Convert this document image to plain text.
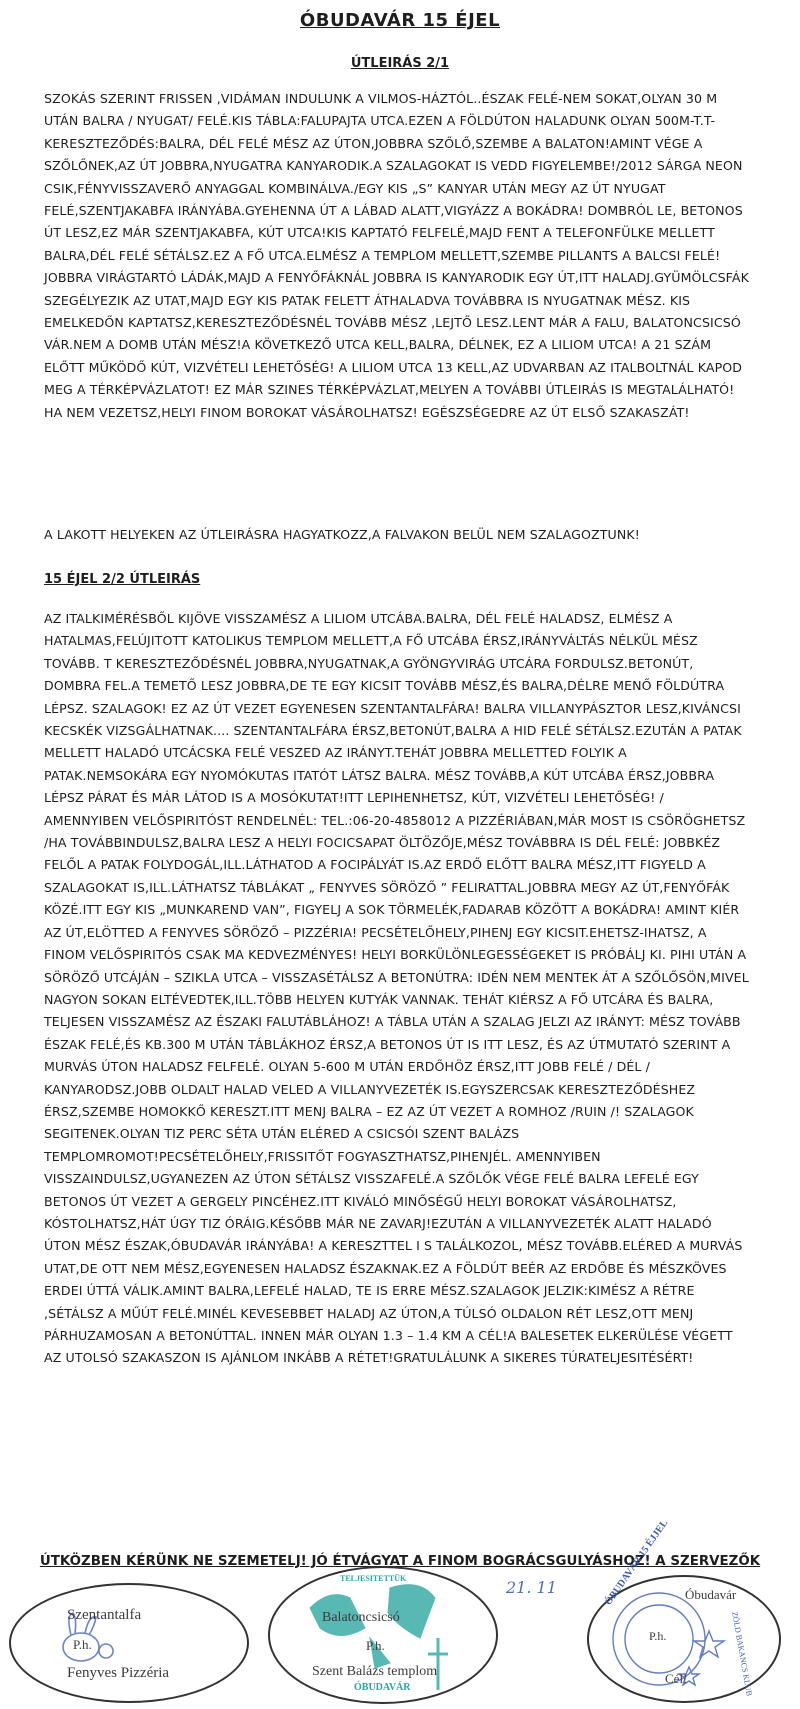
ÓBUDAVÁR 15 ÉJEL
ÚTLEIRÁS 2/1
SZOKÁS SZERINT FRISSEN ,VIDÁMAN INDULUNK A VILMOS-HÁZTÓL..ÉSZAK FELÉ-NEM SOKAT,OLYAN 30 M UTÁN BALRA / NYUGAT/ FELÉ.KIS TÁBLA:FALUPAJTA UTCA.EZEN A FÖLDÚTON HALADUNK OLYAN 500M-T.T-KERESZTEZŐDÉS:BALRA, DÉL FELÉ MÉSZ AZ ÚTON,JOBBRA SZŐLŐ,SZEMBE A BALATON!AMINT VÉGE A SZŐLŐNEK,AZ ÚT JOBBRA,NYUGATRA KANYARODIK.A SZALAGOKAT IS VEDD FIGYELEMBE!/2012 SÁRGA NEON CSIK,FÉNYVISSZAVERŐ ANYAGGAL KOMBINÁLVA./EGY KIS „S” KANYAR UTÁN MEGY AZ ÚT NYUGAT FELÉ,SZENTJAKABFA IRÁNYÁBA.GYEHENNA ÚT A LÁBAD ALATT,VIGYÁZZ A BOKÁDRA! DOMBRÓL LE, BETONOS ÚT LESZ,EZ MÁR SZENTJAKABFA, KÚT UTCA!KIS KAPTATÓ FELFELÉ,MAJD FENT A TELEFONFÜLKE MELLETT BALRA,DÉL FELÉ SÉTÁLSZ.EZ A FŐ UTCA.ELMÉSZ A TEMPLOM MELLETT,SZEMBE PILLANTS A BALCSI FELÉ! JOBBRA VIRÁGTARTÓ LÁDÁK,MAJD A FENYŐFÁKNÁL JOBBRA IS KANYARODIK EGY ÚT,ITT HALADJ.GYÜMÖLCSFÁK SZEGÉLYEZIK AZ UTAT,MAJD EGY KIS PATAK FELETT ÁTHALADVA TOVÁBBRA IS NYUGATNAK MÉSZ. KIS EMELKEDŐN KAPTATSZ,KERESZTEZŐDÉSNÉL TOVÁBB MÉSZ ,LEJTŐ LESZ.LENT MÁR A FALU, BALATONCSICSÓ VÁR.NEM A DOMB UTÁN MÉSZ!A KÖVETKEZŐ UTCA KELL,BALRA, DÉLNEK, EZ A LILIOM UTCA! A 21 SZÁM ELŐTT MŰKÖDŐ KÚT, VIZVÉTELI LEHETŐSÉG! A LILIOM UTCA 13 KELL,AZ UDVARBAN AZ ITALBOLTNÁL KAPOD MEG A TÉRKÉPVÁZLATOT! EZ MÁR SZINES TÉRKÉPVÁZLAT,MELYEN A TOVÁBBI ÚTLEIRÁS IS MEGTALÁLHATÓ! HA NEM VEZETSZ,HELYI FINOM BOROKAT VÁSÁROLHATSZ! EGÉSZSÉGEDRE AZ ÚT ELSŐ SZAKASZÁT!
A LAKOTT HELYEKEN AZ ÚTLEIRÁSRA HAGYATKOZZ,A FALVAKON BELÜL NEM SZALAGOZTUNK!
15 ÉJEL 2/2 ÚTLEIRÁS
AZ ITALKIMÉRÉSBŐL KIJÖVE VISSZAMÉSZ A LILIOM UTCÁBA.BALRA, DÉL FELÉ HALADSZ, ELMÉSZ A HATALMAS,FELÚJITOTT KATOLIKUS TEMPLOM MELLETT,A FŐ UTCÁBA ÉRSZ,IRÁNYVÁLTÁS NÉLKÜL MÉSZ TOVÁBB. T KERESZTEZŐDÉSNÉL JOBBRA,NYUGATNAK,A GYÖNGYVIRÁG UTCÁRA FORDULSZ.BETONÚT, DOMBRA FEL.A TEMETŐ LESZ JOBBRA,DE TE EGY KICSIT TOVÁBB MÉSZ,ÉS BALRA,DÉLRE MENŐ FÖLDÚTRA LÉPSZ. SZALAGOK! EZ AZ ÚT VEZET EGYENESEN SZENTANTALFÁRA! BALRA VILLANYPÁSZTOR LESZ,KIVÁNCSI KECSKÉK VIZSGÁLHATNAK.... SZENTANTALFÁRA ÉRSZ,BETONÚT,BALRA A HID FELÉ SÉTÁLSZ.EZUTÁN A PATAK MELLETT HALADÓ UTCÁCSKA FELÉ VESZED AZ IRÁNYT.TEHÁT JOBBRA MELLETTED FOLYIK A PATAK.NEMSOKÁRA EGY NYOMÓKUTAS ITATÓT LÁTSZ BALRA. MÉSZ TOVÁBB,A KÚT UTCÁBA ÉRSZ,JOBBRA LÉPSZ PÁRAT ÉS MÁR LÁTOD IS A MOSÓKUTAT!ITT LEPIHENHETSZ, KÚT, VIZVÉTELI LEHETŐSÉG! / AMENNYIBEN VELŐSPIRITÓST RENDELNÉL: TEL.:06-20-4858012 A PIZZÉRIÁBAN,MÁR MOST IS CSÖRÖGHETSZ /HA TOVÁBBINDULSZ,BALRA LESZ A HELYI FOCICSAPAT ÖLTÖZŐJE,MÉSZ TOVÁBBRA IS DÉL FELÉ: JOBBKÉZ FELŐL A PATAK FOLYDOGÁL,ILL.LÁTHATOD A FOCIPÁLYÁT IS.AZ ERDŐ ELŐTT BALRA MÉSZ,ITT FIGYELD A SZALAGOKAT IS,ILL.LÁTHATSZ TÁBLÁKAT „ FENYVES SÖRÖZŐ ” FELIRATTAL.JOBBRA MEGY AZ ÚT,FENYŐFÁK KÖZÉ.ITT EGY KIS „MUNKAREND VAN”, FIGYELJ A SOK TÖRMELÉK,FADARAB KÖZÖTT A BOKÁDRA! AMINT KIÉR AZ ÚT,ELÖTTED A FENYVES SÖRÖZŐ – PIZZÉRIA! PECSÉTELŐHELY,PIHENJ EGY KICSIT.EHETSZ-IHATSZ, A FINOM VELŐSPIRITÓS CSAK MA KEDVEZMÉNYES! HELYI BORKÜLÖNLEGESSÉGEKET IS PRÓBÁLJ KI. PIHI UTÁN A SÖRÖZŐ UTCÁJÁN – SZIKLA UTCA – VISSZASÉTÁLSZ A BETONÚTRA: IDÉN NEM MENTEK ÁT A SZŐLŐSÖN,MIVEL NAGYON SOKAN ELTÉVEDTEK,ILL.TÖBB HELYEN KUTYÁK VANNAK. TEHÁT KIÉRSZ A FŐ UTCÁRA ÉS BALRA, TELJESEN VISSZAMÉSZ AZ ÉSZAKI FALUTÁBLÁHOZ! A TÁBLA UTÁN A SZALAG JELZI AZ IRÁNYT: MÉSZ TOVÁBB ÉSZAK FELÉ,ÉS KB.300 M UTÁN TÁBLÁKHOZ ÉRSZ,A BETONOS ÚT IS ITT LESZ, ÉS AZ ÚTMUTATÓ SZERINT A MURVÁS ÚTON HALADSZ FELFELÉ. OLYAN 5-600 M UTÁN ERDŐHÖZ ÉRSZ,ITT JOBB FELÉ / DÉL / KANYARODSZ.JOBB OLDALT HALAD VELED A VILLANYVEZETÉK IS.EGYSZERCSAK KERESZTEZŐDÉSHEZ ÉRSZ,SZEMBE HOMOKKŐ KERESZT.ITT MENJ BALRA – EZ AZ ÚT VEZET A ROMHOZ /RUIN /! SZALAGOK SEGITENEK.OLYAN TIZ PERC SÉTA UTÁN ELÉRED A CSICSÓI SZENT BALÁZS TEMPLOMROMOT!PECSÉTELŐHELY,FRISSITŐT FOGYASZTHATSZ,PIHENJÉL. AMENNYIBEN VISSZAINDULSZ,UGYANEZEN AZ ÚTON SÉTÁLSZ VISSZAFELÉ.A SZŐLŐK VÉGE FELÉ BALRA LEFELÉ EGY BETONOS ÚT VEZET A GERGELY PINCÉHEZ.ITT KIVÁLÓ MINŐSÉGŰ HELYI BOROKAT VÁSÁROLHATSZ, KÓSTOLHATSZ,HÁT ÚGY TIZ ÓRÁIG.KÉSŐBB MÁR NE ZAVARJ!EZUTÁN A VILLANYVEZETÉK ALATT HALADÓ ÚTON MÉSZ ÉSZAK,ÓBUDAVÁR IRÁNYÁBA! A KERESZTTEL I S TALÁLKOZOL, MÉSZ TOVÁBB.ELÉRED A MURVÁS UTAT,DE OTT NEM MÉSZ,EGYENESEN HALADSZ ÉSZAKNAK.EZ A FÖLDÚT BEÉR AZ ERDŐBE ÉS MÉSZKÖVES ERDEI ÚTTÁ VÁLIK.AMINT BALRA,LEFELÉ HALAD, TE IS ERRE MÉSZ.SZALAGOK JELZIK:KIMÉSZ A RÉTRE ,SÉTÁLSZ A MŰÚT FELÉ.MINÉL KEVESEBBET HALADJ AZ ÚTON,A TÚLSÓ OLDALON RÉT LESZ,OTT MENJ PÁRHUZAMOSAN A BETONÚTTAL. INNEN MÁR OLYAN 1.3 – 1.4 KM A CÉL!A BALESETEK ELKERÜLÉSE VÉGETT AZ UTOLSÓ SZAKASZON IS AJÁNLOM INKÁBB A RÉTET!GRATULÁLUNK A SIKERES TÚRATELJESITÉSÉRT!
ÚTKÖZBEN KÉRÜNK NE SZEMETELJ! JÓ ÉTVÁGYAT A FINOM BOGRÁCSGULYÁSHOZ! A SZERVEZŐK
21. 11
Szentantalfa
P.h.
Fenyves Pizzéria
TELJESITETTÜK
Balatoncsicsó
P.h.
Szent Balázs templom
ÓBUDAVÁR
ÓBUDAVÁR 15 ÉJJEL Óbudavár
P.h.
Cél!	ZÖLD BAKANCS KLUB
